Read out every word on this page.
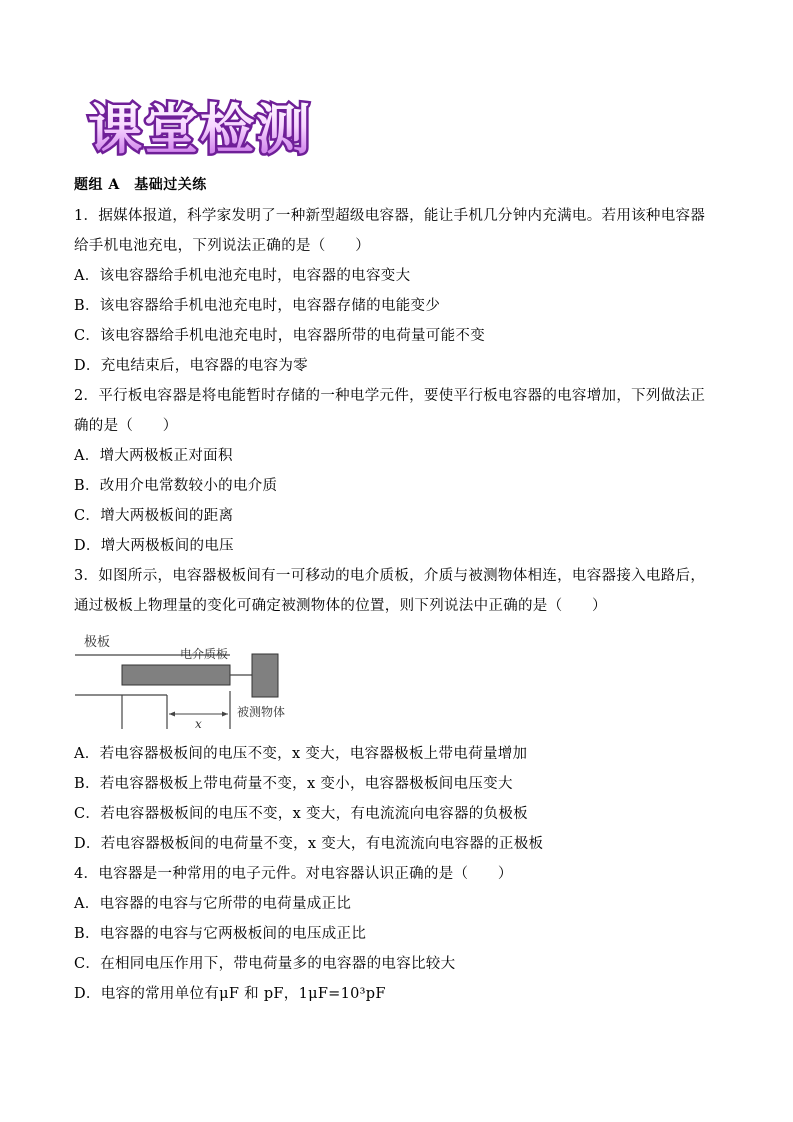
课堂检测
题组 A　基础过关练
1．据媒体报道，科学家发明了一种新型超级电容器，能让手机几分钟内充满电。若用该种电容器
给手机电池充电，下列说法正确的是（　　）
A．该电容器给手机电池充电时，电容器的电容变大
B．该电容器给手机电池充电时，电容器存储的电能变少
C．该电容器给手机电池充电时，电容器所带的电荷量可能不变
D．充电结束后，电容器的电容为零
2．平行板电容器是将电能暂时存储的一种电学元件，要使平行板电容器的电容增加，下列做法正
确的是（　　）
A．增大两极板正对面积
B．改用介电常数较小的电介质
C．增大两极板间的距离
D．增大两极板间的电压
3．如图所示，电容器极板间有一可移动的电介质板，介质与被测物体相连，电容器接入电路后，
通过极板上物理量的变化可确定被测物体的位置，则下列说法中正确的是（　　）
极板
电介质板
被测物体
x
A．若电容器极板间的电压不变，x 变大，电容器极板上带电荷量增加
B．若电容器极板上带电荷量不变，x 变小，电容器极板间电压变大
C．若电容器极板间的电压不变，x 变大，有电流流向电容器的负极板
D．若电容器极板间的电荷量不变，x 变大，有电流流向电容器的正极板
4．电容器是一种常用的电子元件。对电容器认识正确的是（　　）
A．电容器的电容与它所带的电荷量成正比
B．电容器的电容与它两极板间的电压成正比
C．在相同电压作用下，带电荷量多的电容器的电容比较大
D．电容的常用单位有μF 和 pF，1μF=10³pF
